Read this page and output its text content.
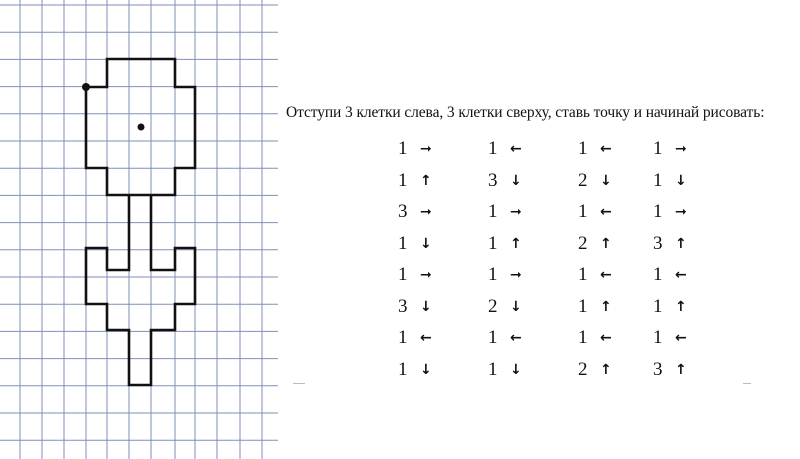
Отступи 3 клетки слева, 3 клетки сверху, ставь точку и начинай рисовать:
1 ➞
1 ↑
3 ➞
1 ↓
1 ➞
3 ↓
1 ←
1 ↓
1 ←
3 ↓
1 ➞
1 ↑
1 ➞
2 ↓
1 ←
1 ↓
1 ←
2 ↓
1 ←
2 ↑
1 ←
1 ↑
1 ←
2 ↑
1 ➞
1 ↓
1 ➞
3 ↑
1 ←
1 ↑
1 ←
3 ↑
